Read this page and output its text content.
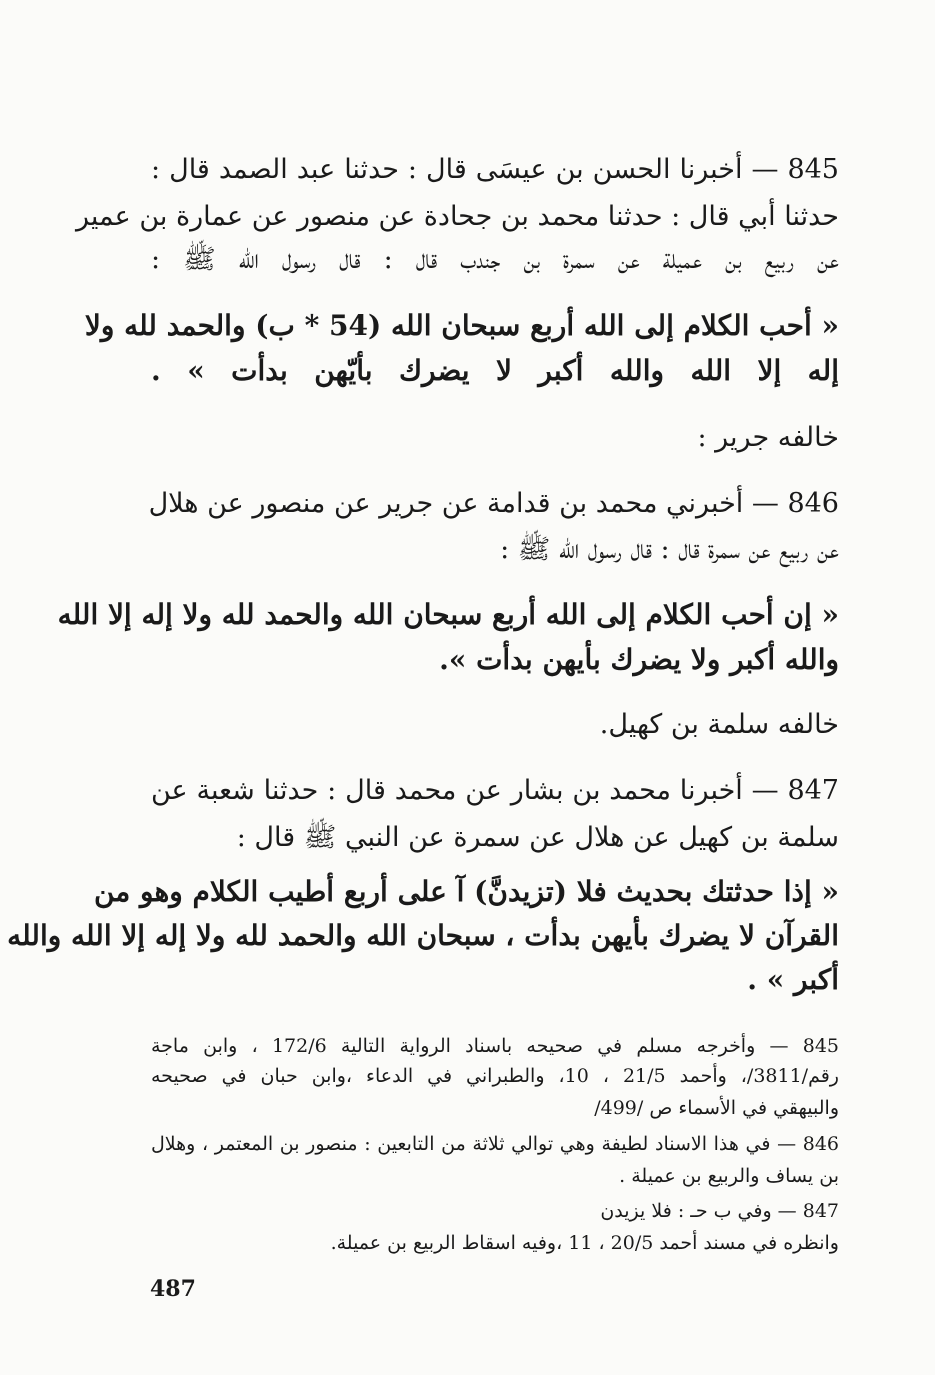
845 — أخبرنا الحسن بن عيسَى قال : حدثنا عبد الصمد قال :
حدثنا أبي قال : حدثنا محمد بن جحادة عن منصور عن عمارة بن عمير
عن ربيع بن عميلة عن سمرة بن جندب قال : قال رسول الله ﷺ :
« أحب الكلام إلى الله أربع سبحان الله (54 * ب) والحمد لله ولا
إله إلا الله والله أكبر لا يضرك بأيّهن بدأت » .
خالفه جرير :
846 — أخبرني محمد بن قدامة عن جرير عن منصور عن هلال
عن ربيع عن سمرة قال : قال رسول الله ﷺ :
« إن أحب الكلام إلى الله أربع سبحان الله والحمد لله ولا إله إلا الله
والله أكبر ولا يضرك بأيهن بدأت ».
خالفه سلمة بن كهيل.
847 — أخبرنا محمد بن بشار عن محمد قال : حدثنا شعبة عن
سلمة بن كهيل عن هلال عن سمرة عن النبي ﷺ قال :
« إذا حدثتك بحديث فلا (تزيدنَّ) آ على أربع أطيب الكلام وهو من
القرآن لا يضرك بأيهن بدأت ، سبحان الله والحمد لله ولا إله إلا الله والله
أكبر » .
845 — وأخرجه مسلم في صحيحه باسناد الرواية التالية 172/6 ، وابن ماجة
رقم/3811/، وأحمد 21/5 ، 10، والطبراني في الدعاء ،وابن حبان في صحيحه
والبيهقي في الأسماء ص /499/
846 — في هذا الاسناد لطيفة وهي توالي ثلاثة من التابعين : منصور بن المعتمر ، وهلال
بن يساف والربيع بن عميلة .
847 — وفي ب حـ : فلا يزيدن
وانظره في مسند أحمد 20/5 ، 11 ،وفيه اسقاط الربيع بن عميلة.
487
